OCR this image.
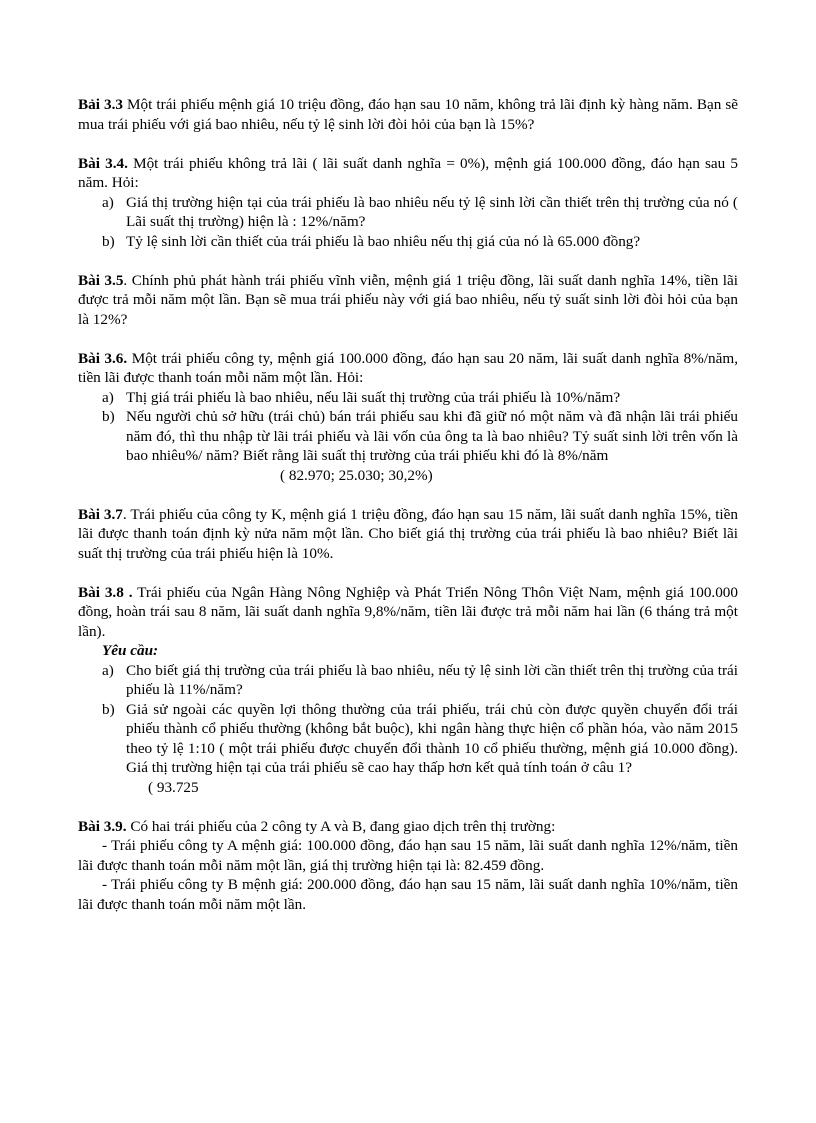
Bải 3.3 Một trái phiếu mệnh giá 10 triệu đồng, đáo hạn sau 10 năm, không trả lãi định kỳ hàng năm. Bạn sẽ mua trái phiếu với giá bao nhiêu, nếu tỷ lệ sinh lời đòi hỏi của bạn là 15%?

Bài 3.4. Một trái phiếu không trả lãi ( lãi suất danh nghĩa = 0%), mệnh giá 100.000 đồng, đáo hạn sau 5 năm. Hỏi:

a) Giá thị trường hiện tại của trái phiếu là bao nhiêu nếu tỷ lệ sinh lời cần thiết trên thị trường của nó ( Lãi suất thị trường) hiện là : 12%/năm?
b) Tỷ lệ sinh lời cần thiết của trái phiếu là bao nhiêu nếu thị giá của nó là 65.000 đồng?

Bài 3.5. Chính phủ phát hành trái phiếu vĩnh viễn, mệnh giá 1 triệu đồng, lãi suất danh nghĩa 14%, tiền lãi được trả mỗi năm một lần. Bạn sẽ mua trái phiếu này với giá bao nhiêu, nếu tỷ suất sinh lời đòi hỏi của bạn là 12%?

Bài 3.6. Một trái phiếu công ty, mệnh giá 100.000 đồng, đáo hạn sau 20 năm, lãi suất danh nghĩa 8%/năm, tiền lãi được thanh toán mỗi năm một lần. Hỏi:

a) Thị giá trái phiếu là bao nhiêu, nếu lãi suất thị trường của trái phiếu là 10%/năm?
b) Nếu người chủ sở hữu (trái chủ) bán trái phiếu sau khi đã giữ nó một năm và đã nhận lãi trái phiếu năm đó, thì thu nhập từ lãi trái phiếu và lãi vốn của ông ta là bao nhiêu? Tỷ suất sinh lời trên vốn là bao nhiêu%/ năm? Biết rằng lãi suất thị trường của trái phiếu khi đó là 8%/năm

( 82.970; 25.030; 30,2%)

Bài 3.7. Trái phiếu của công ty K, mệnh giá 1 triệu đồng, đáo hạn sau 15 năm, lãi suất danh nghĩa 15%, tiền lãi được thanh toán định kỳ nửa năm một lần. Cho biết giá thị trường của trái phiếu là bao nhiêu? Biết lãi suất thị trường của trái phiếu hiện là 10%.

Bài 3.8 . Trái phiếu của Ngân Hàng Nông Nghiệp và Phát Triển Nông Thôn Việt Nam, mệnh giá 100.000 đồng, hoàn trái sau 8 năm, lãi suất danh nghĩa 9,8%/năm, tiền lãi được trả mỗi năm hai lần (6 tháng trả một lần).

Yêu cầu:

a) Cho biết giá thị trường của trái phiếu là bao nhiêu, nếu tỷ lệ sinh lời cần thiết trên thị trường của trái phiếu là 11%/năm?
b) Giả sử ngoài các quyền lợi thông thường của trái phiếu, trái chủ còn được quyền chuyển đổi trái phiếu thành cổ phiếu thường (không bắt buộc), khi ngân hàng thực hiện cổ phần hóa, vào năm 2015 theo tỷ lệ 1:10 ( một trái phiếu được chuyển đổi thành 10 cổ phiếu thường, mệnh giá 10.000 đồng). Giá thị trường hiện tại của trái phiếu sẽ cao hay thấp hơn kết quả tính toán ở câu 1?

( 93.725

Bài 3.9. Có hai trái phiếu của 2 công ty A và B, đang giao dịch trên thị trường:

- Trái phiếu công ty A mệnh giá: 100.000 đồng, đáo hạn sau 15 năm, lãi suất danh nghĩa 12%/năm, tiền lãi được thanh toán mỗi năm một lần, giá thị trường hiện tại là: 82.459 đồng.

- Trái phiếu công ty B mệnh giá: 200.000 đồng, đáo hạn sau 15 năm, lãi suất danh nghĩa 10%/năm, tiền lãi được thanh toán mỗi năm một lần.
